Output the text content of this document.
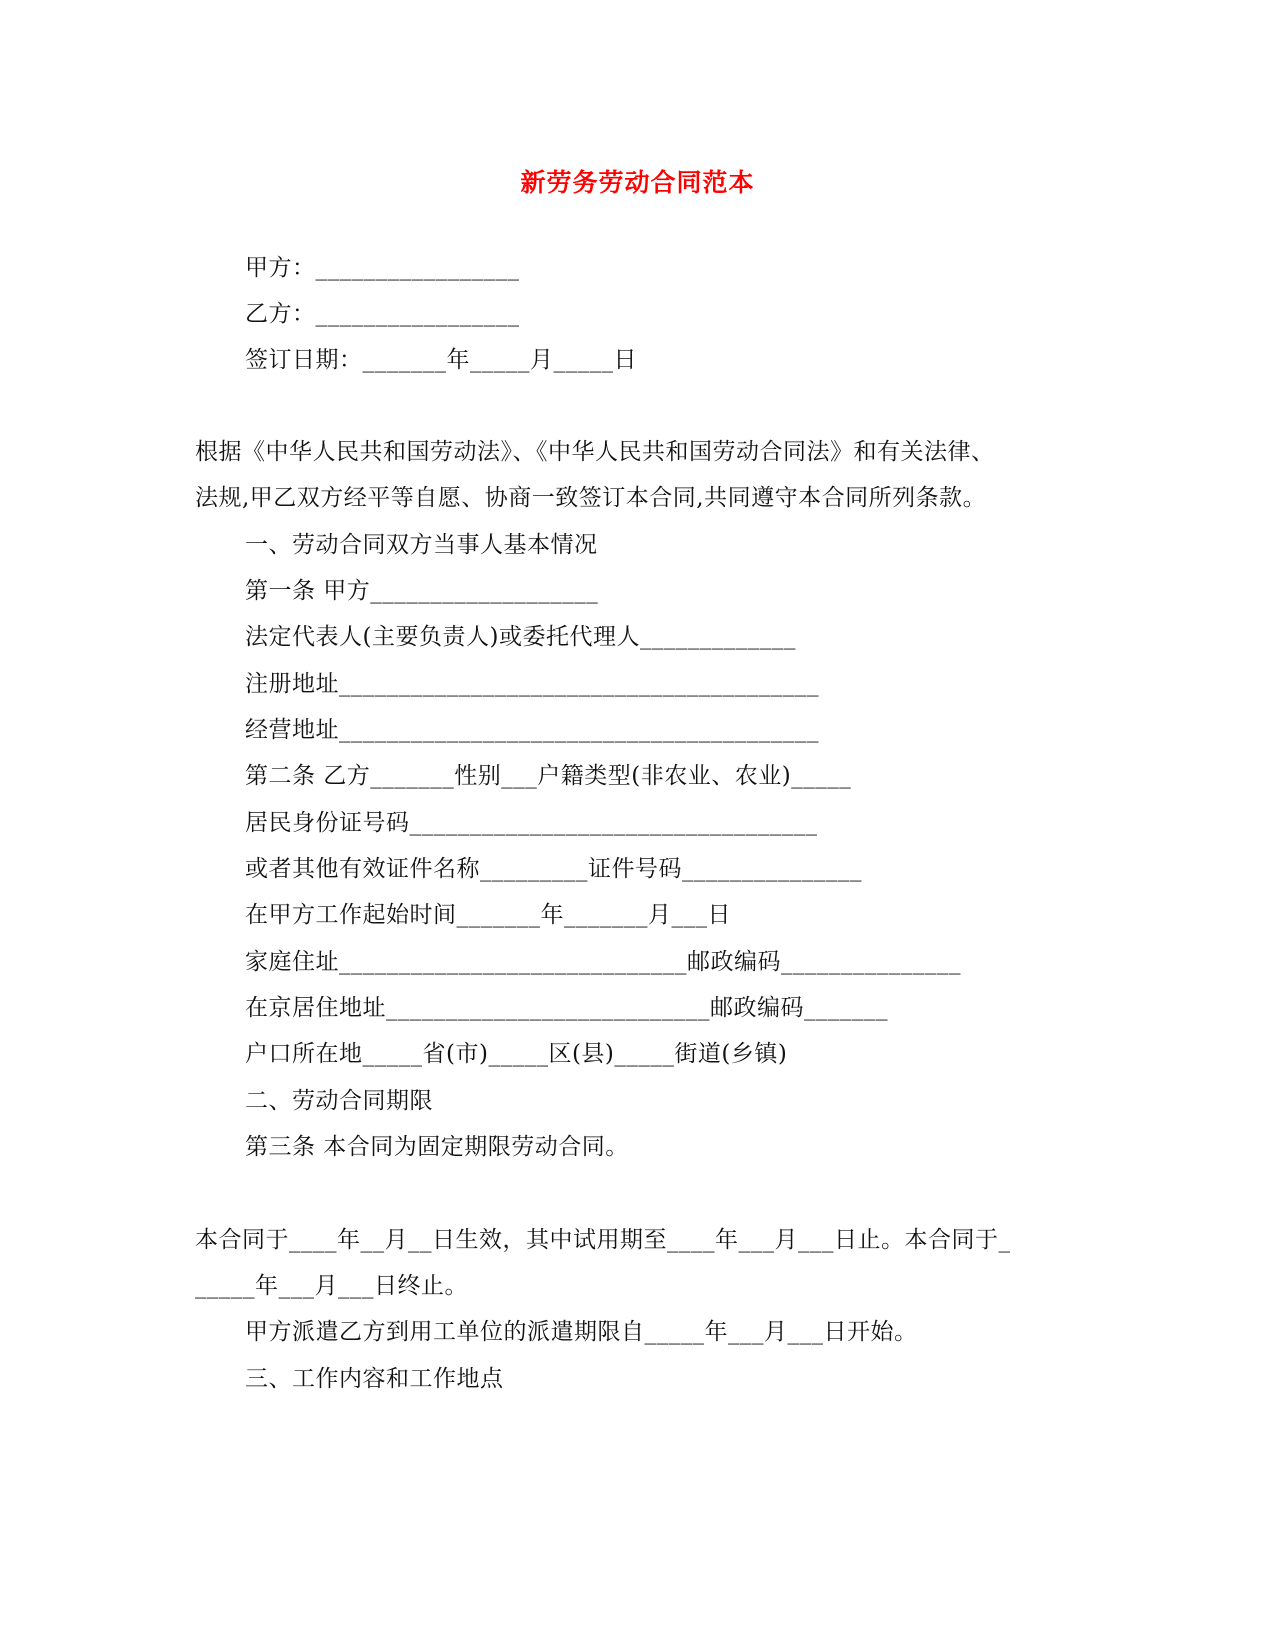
新劳务劳动合同范本
甲方：_________________
乙方：_________________
签订日期：_______年_____月_____日
根据《中华人民共和国劳动法》、《中华人民共和国劳动合同法》和有关法律、
法规,甲乙双方经平等自愿、协商一致签订本合同,共同遵守本合同所列条款。
一、劳动合同双方当事人基本情况
第一条 甲方___________________
法定代表人(主要负责人)或委托代理人_____________
注册地址________________________________________
经营地址________________________________________
第二条 乙方_______性别___户籍类型(非农业、农业)_____
居民身份证号码__________________________________
或者其他有效证件名称_________证件号码_______________
在甲方工作起始时间_______年_______月___日
家庭住址_____________________________邮政编码_______________
在京居住地址___________________________邮政编码_______
户口所在地_____省(市)_____区(县)_____街道(乡镇)
二、劳动合同期限
第三条 本合同为固定期限劳动合同。
本合同于____年__月__日生效，其中试用期至____年___月___日止。本合同于_
_____年___月___日终止。
甲方派遣乙方到用工单位的派遣期限自_____年___月___日开始。
三、工作内容和工作地点
